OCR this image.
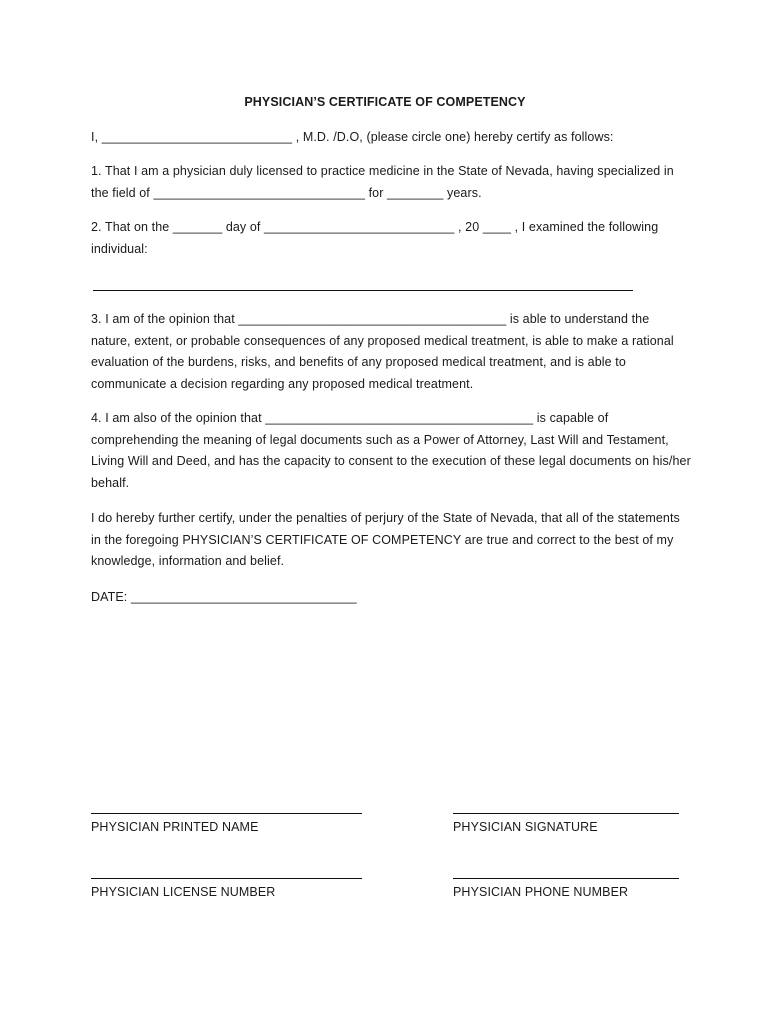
PHYSICIAN’S CERTIFICATE OF COMPETENCY
I, ___________________________ , M.D. /D.O, (please circle one) hereby certify as follows:
1. That I am a physician duly licensed to practice medicine in the State of Nevada, having specialized in the field of ______________________________ for ________ years.
2. That on the _______ day of ___________________________ , 20 ____ , I examined the following individual:
3. I am of the opinion that ______________________________________ is able to understand the nature, extent, or probable consequences of any proposed medical treatment, is able to make a rational evaluation of the burdens, risks, and benefits of any proposed medical treatment, and is able to communicate a decision regarding any proposed medical treatment.
4. I am also of the opinion that ______________________________________ is capable of comprehending the meaning of legal documents such as a Power of Attorney, Last Will and Testament, Living Will and Deed, and has the capacity to consent to the execution of these legal documents on his/her behalf.
I do hereby further certify, under the penalties of perjury of the State of Nevada, that all of the statements in the foregoing PHYSICIAN’S CERTIFICATE OF COMPETENCY are true and correct to the best of my knowledge, information and belief.
DATE: ________________________________
PHYSICIAN PRINTED NAME	PHYSICIAN SIGNATURE
PHYSICIAN LICENSE NUMBER	PHYSICIAN PHONE NUMBER
